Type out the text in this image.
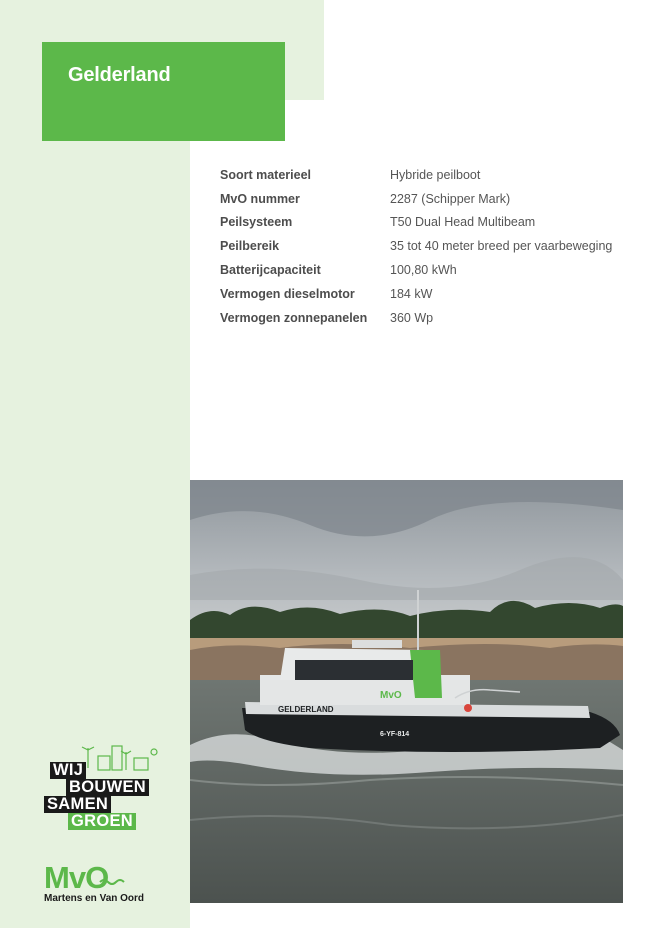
Gelderland
Soort materieel	Hybride peilboot
MvO nummer	2287 (Schipper Mark)
Peilsysteem	T50 Dual Head Multibeam
Peilbereik	35 tot 40 meter breed per vaarbeweging
Batterijcapaciteit	100,80 kWh
Vermogen dieselmotor	184 kW
Vermogen zonnepanelen	360 Wp
GELDERLAND
6-YF-814
MvO
WIJ
BOUWEN
SAMEN
GROEN
MvO
Martens en Van Oord
